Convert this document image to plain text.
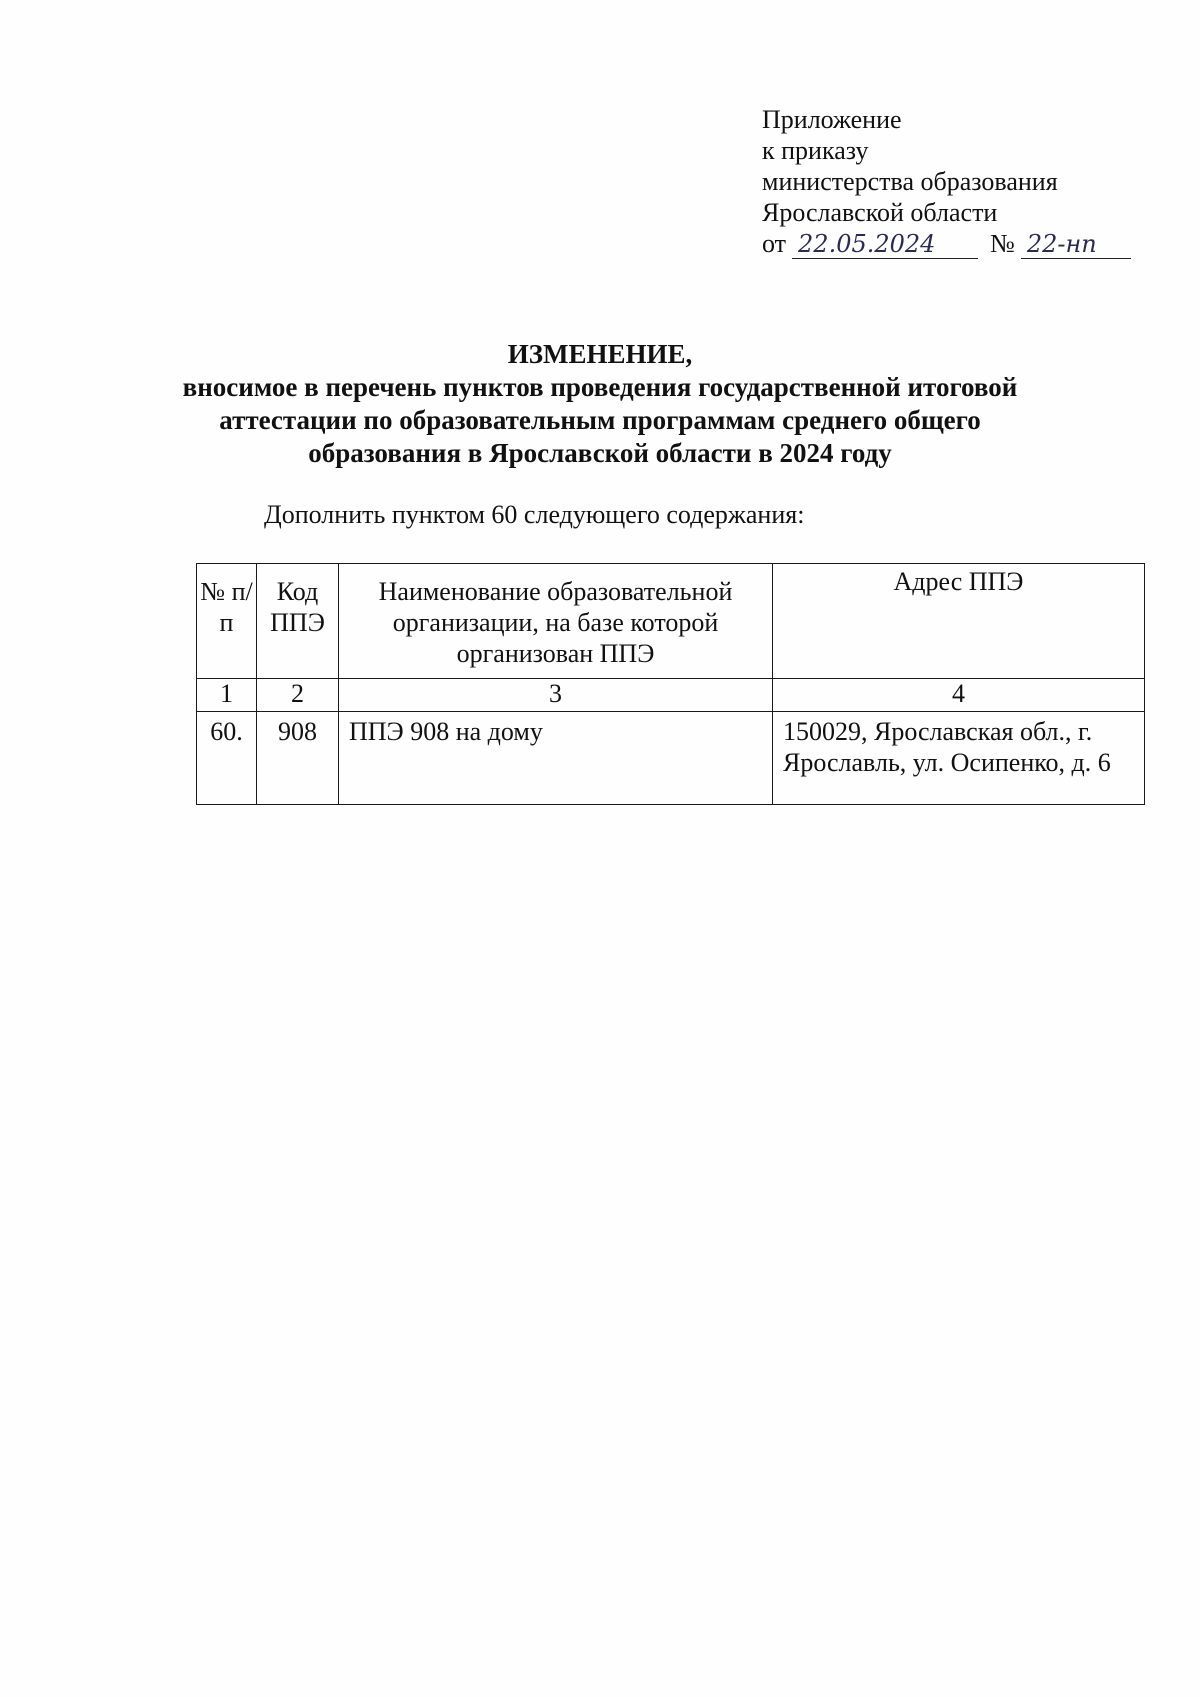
Приложение
к приказу
министерства образования
Ярославской области
от 22.05.2024	№ 22-нп
ИЗМЕНЕНИЕ,
вносимое в перечень пунктов проведения государственной итоговой
аттестации по образовательным программам среднего общего
образования в Ярославской области в 2024 году
Дополнить пунктом 60 следующего содержания:
№ п/п	Код ППЭ	Наименование образовательной организации, на базе которой организован ППЭ	Адрес ППЭ
1	2	3	4
60.	908	ППЭ 908 на дому	150029, Ярославская обл., г. Ярославль, ул. Осипенко, д. 6
